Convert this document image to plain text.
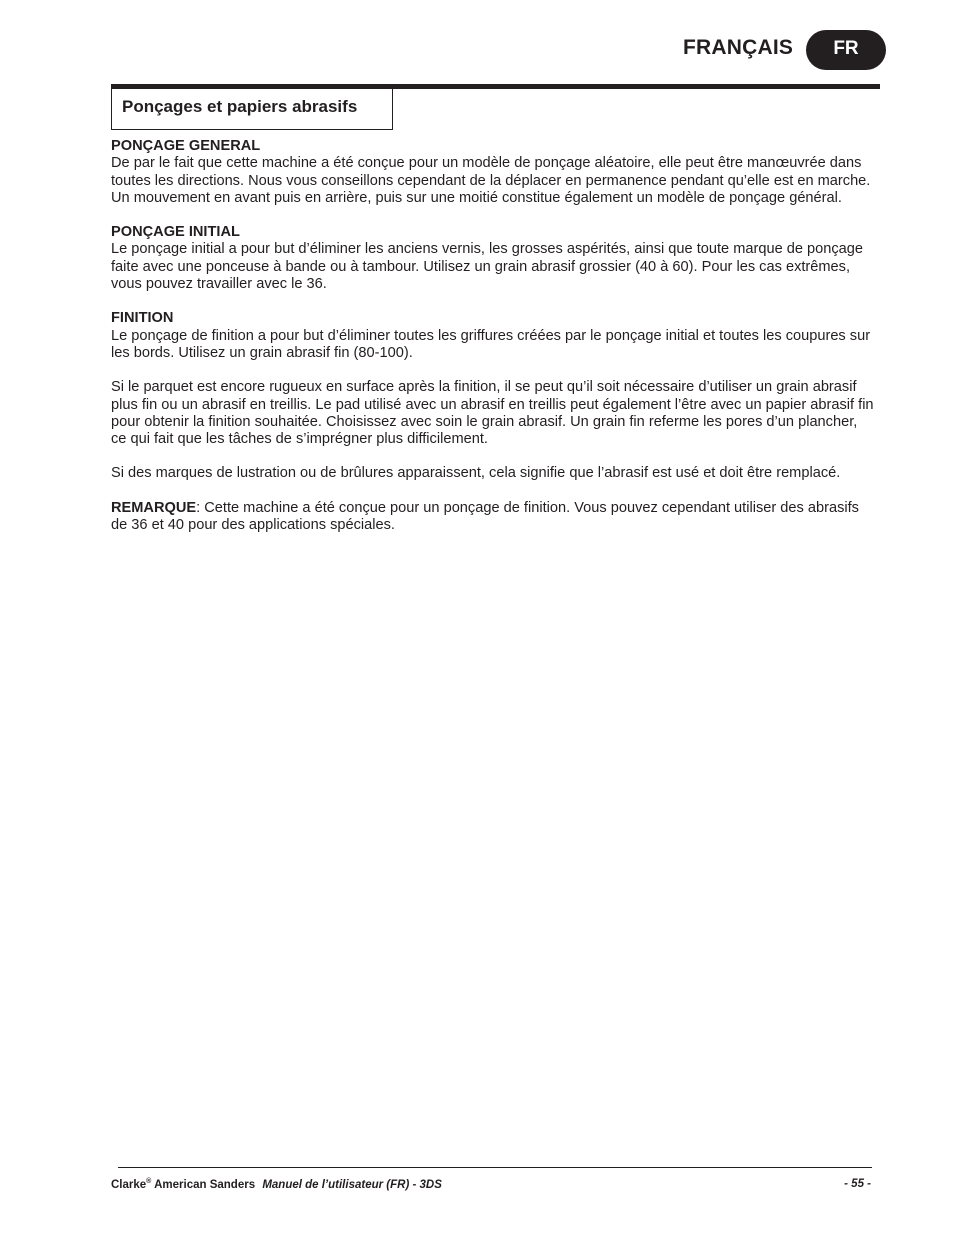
FRANÇAIS	FR
Ponçages et papiers abrasifs
PONÇAGE GENERAL

De par le fait que cette machine a été conçue pour un modèle de ponçage aléatoire, elle peut être manœuvrée dans toutes les directions. Nous vous conseillons cependant de la déplacer en permanence pendant qu’elle est en marche. Un mouvement en avant puis en arrière, puis sur une moitié constitue également un modèle de ponçage général.

PONÇAGE INITIAL

Le ponçage initial a pour but d’éliminer les anciens vernis, les grosses aspérités, ainsi que toute marque de ponçage faite avec une ponceuse à bande ou à tambour. Utilisez un grain abrasif grossier (40 à 60). Pour les cas extrêmes, vous pouvez travailler avec le 36.

FINITION

Le ponçage de finition a pour but d’éliminer toutes les griffures créées par le ponçage initial et toutes les coupures sur les bords. Utilisez un grain abrasif fin (80-100).

Si le parquet est encore rugueux en surface après la finition, il se peut qu’il soit nécessaire d’utiliser un grain abrasif plus fin ou un abrasif en treillis. Le pad utilisé avec un abrasif en treillis peut également l’être avec un papier abrasif fin pour obtenir la finition souhaitée. Choisissez avec soin le grain abrasif. Un grain fin referme les pores d’un plancher, ce qui fait que les tâches de s’imprégner plus difficilement.

Si des marques de lustration ou de brûlures apparaissent, cela signifie que l’abrasif est usé et doit être remplacé.

REMARQUE: Cette machine a été conçue pour un ponçage de finition. Vous pouvez cependant utiliser des abrasifs de 36 et 40 pour des applications spéciales.

Clarke® American Sanders Manuel de l’utilisateur (FR) - 3DS	- 55 -
